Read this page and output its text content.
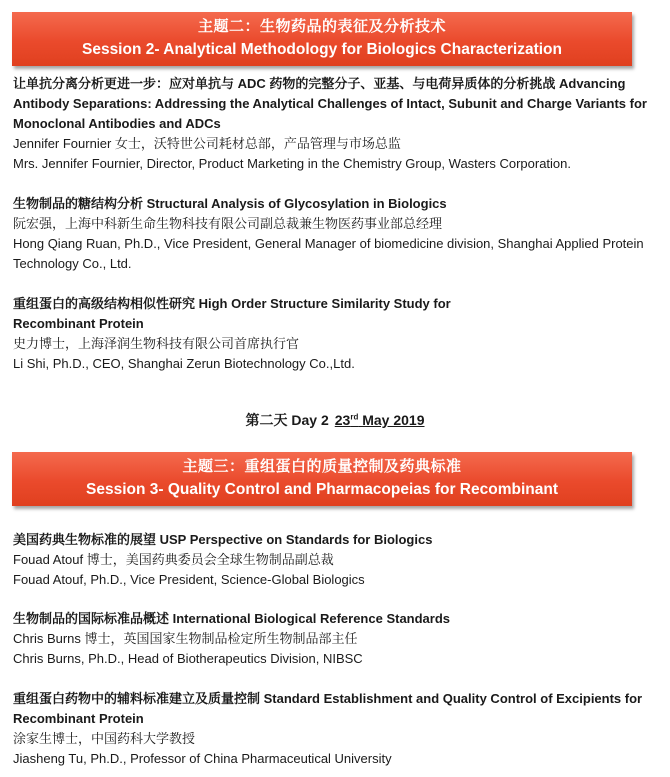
主题二：生物药品的表征及分析技术
Session 2- Analytical Methodology for Biologics Characterization
让单抗分离分析更进一步：应对单抗与 ADC 药物的完整分子、亚基、与电荷异质体的分析挑战 Advancing Antibody Separations: Addressing the Analytical Challenges of Intact, Subunit and Charge Variants for Monoclonal Antibodies and ADCs
Jennifer Fournier 女士，沃特世公司耗材总部，产品管理与市场总监
Mrs. Jennifer Fournier, Director, Product Marketing in the Chemistry Group, Wasters Corporation.
生物制品的糖结构分析 Structural Analysis of Glycosylation in Biologics
阮宏强，上海中科新生命生物科技有限公司副总裁兼生物医药事业部总经理
Hong Qiang Ruan, Ph.D., Vice President, General Manager of biomedicine division, Shanghai Applied Protein Technology Co., Ltd.
重组蛋白的高级结构相似性研究 High Order Structure Similarity Study for Recombinant Protein
史力博士，上海泽润生物科技有限公司首席执行官
Li Shi, Ph.D., CEO, Shanghai Zerun Biotechnology Co.,Ltd.
第二天 Day 2 23rd May 2019
主题三：重组蛋白的质量控制及药典标准
Session 3- Quality Control and Pharmacopeias for Recombinant
美国药典生物标准的展望 USP Perspective on Standards for Biologics
Fouad Atouf 博士，美国药典委员会全球生物制品副总裁
Fouad Atouf, Ph.D., Vice President, Science-Global Biologics
生物制品的国际标准品概述 International Biological Reference Standards
Chris Burns 博士，英国国家生物制品检定所生物制品部主任
Chris Burns, Ph.D., Head of Biotherapeutics Division, NIBSC
重组蛋白药物中的辅料标准建立及质量控制 Standard Establishment and Quality Control of Excipients for Recombinant Protein
涂家生博士，中国药科大学教授
Jiasheng Tu, Ph.D., Professor of China Pharmaceutical University
